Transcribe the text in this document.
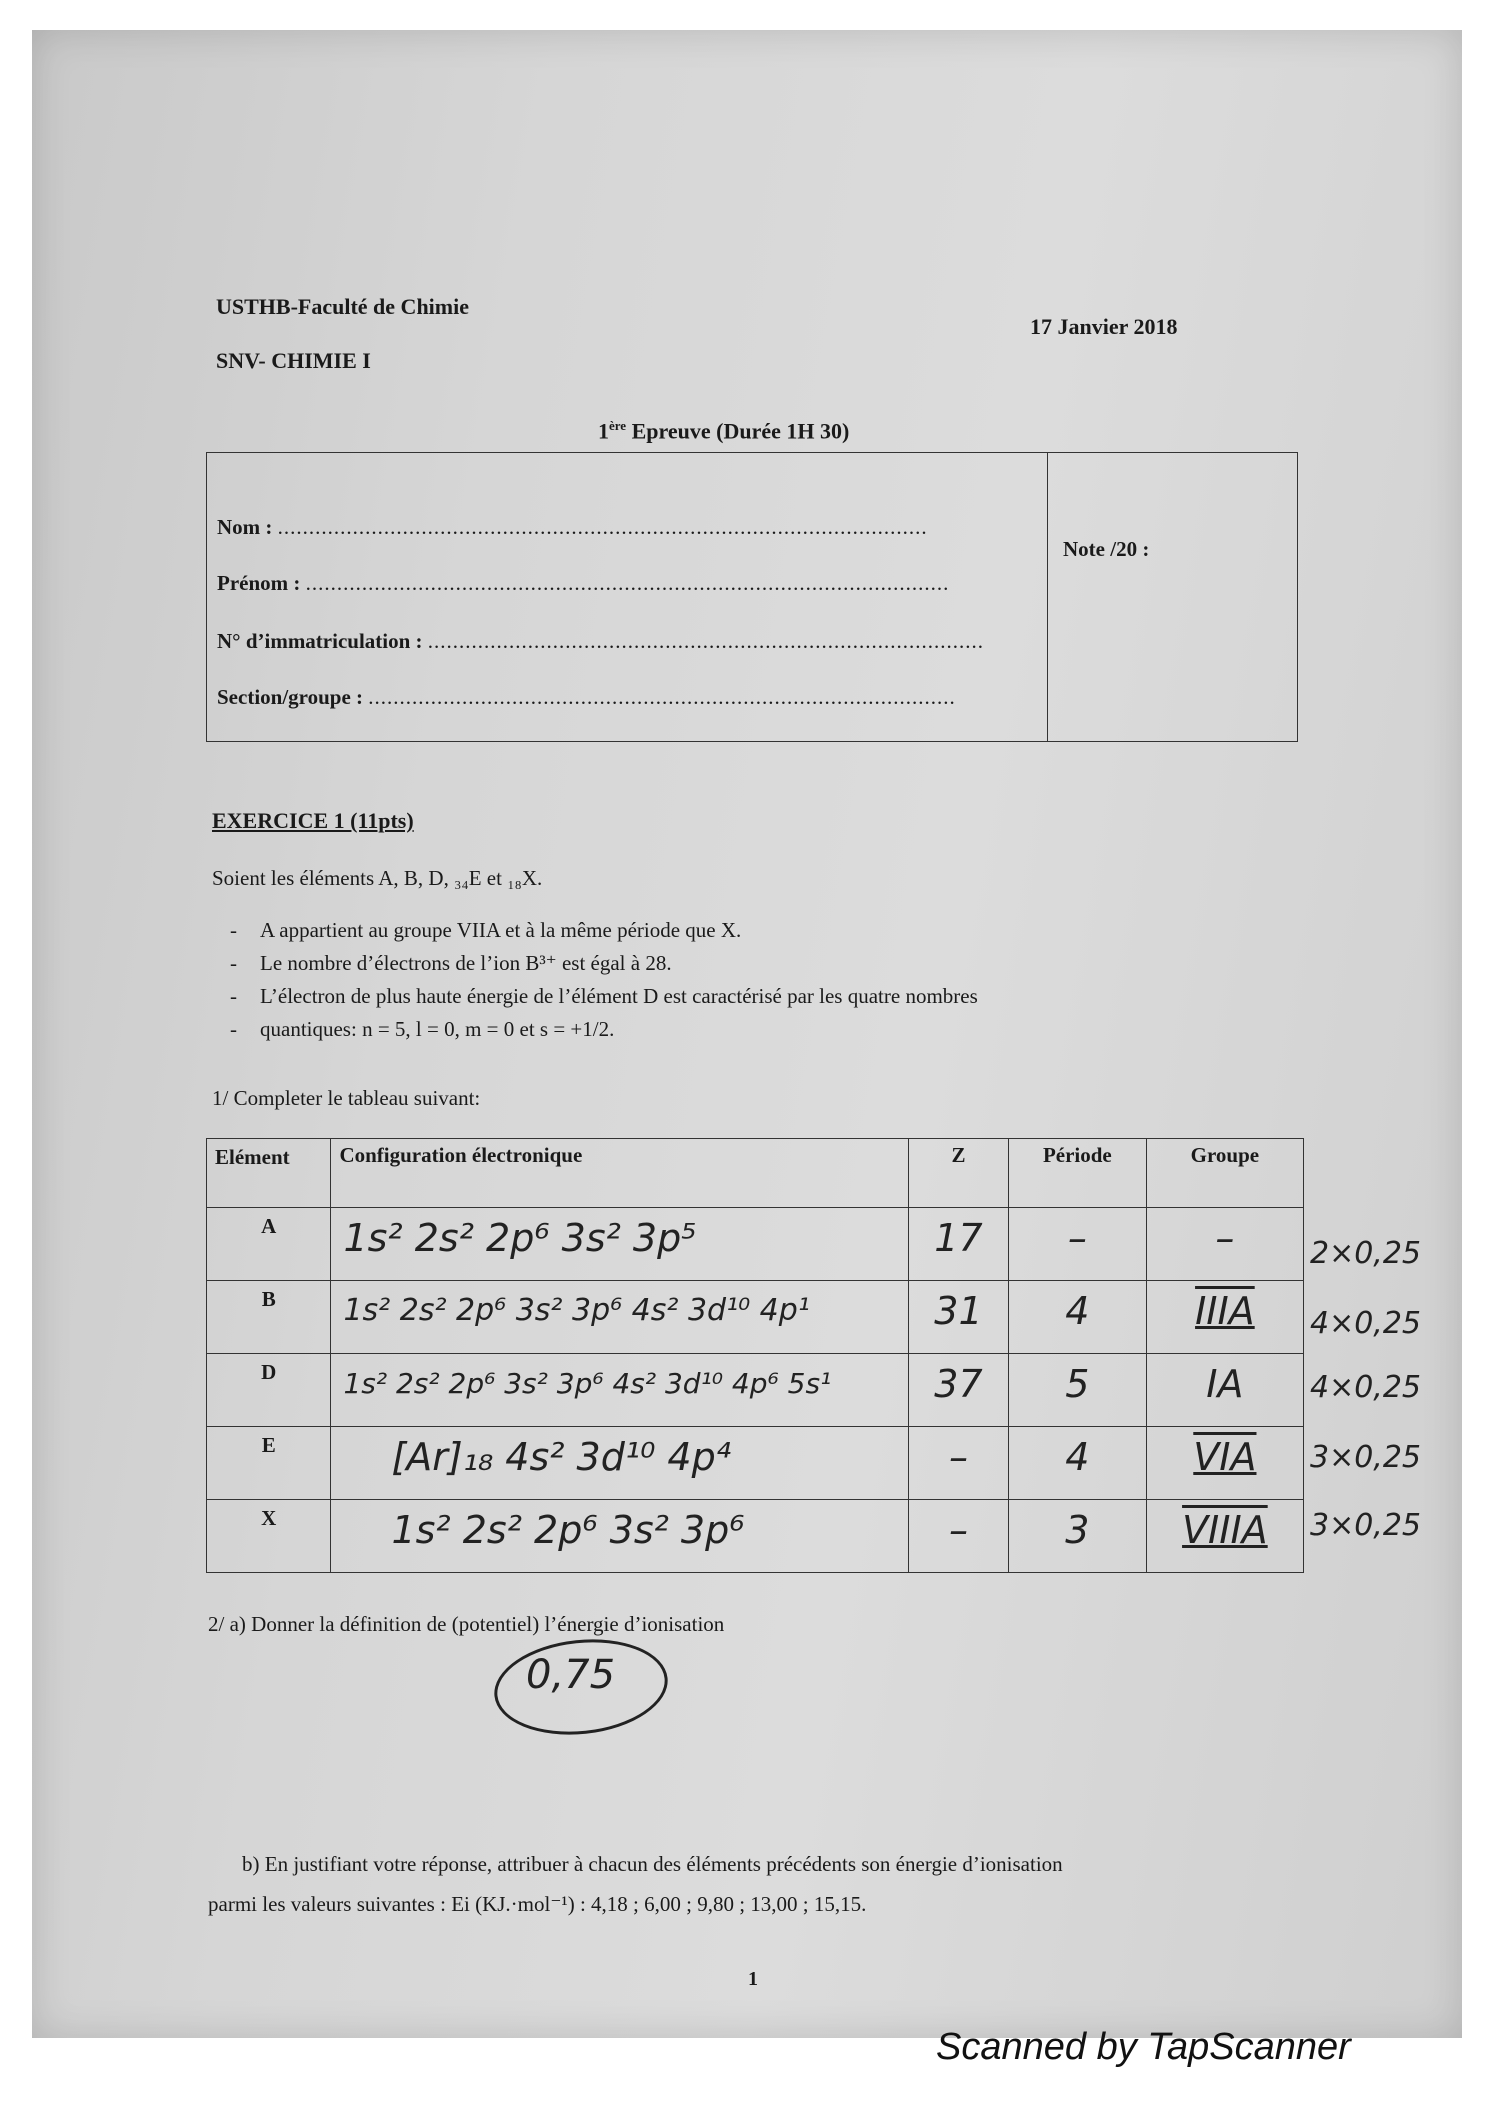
USTHB-Faculté de Chimie
SNV- CHIMIE I
17 Janvier 2018
1ère Epreuve (Durée 1H 30)
Nom : ........................................................................................................
Prénom : .......................................................................................................
N° d’immatriculation : .........................................................................................
Section/groupe : ..............................................................................................
Note /20 :
EXERCICE 1 (11pts)
Soient les éléments A, B, D, ₃₄E et ₁₈X.
- A appartient au groupe VIIA et à la même période que X.
- Le nombre d’électrons de l’ion B³⁺ est égal à 28.
- L’électron de plus haute énergie de l’élément D est caractérisé par les quatre nombres
- quantiques: n = 5, l = 0, m = 0 et s = +1/2.
1/ Completer le tableau suivant:
Elément	Configuration électronique	Z	Période	Groupe
A	1s² 2s² 2p⁶ 3s² 3p⁵	17	–	–

B	1s² 2s² 2p⁶ 3s² 3p⁶ 4s² 3d¹⁰ 4p¹	31	4	IIIA

D	1s² 2s² 2p⁶ 3s² 3p⁶ 4s² 3d¹⁰ 4p⁶ 5s¹	37	5	IA

E	[Ar]₁₈ 4s² 3d¹⁰ 4p⁴	–	4	VIA

X	1s² 2s² 2p⁶ 3s² 3p⁶	–	3	VIIIA
2×0,25
4×0,25
4×0,25
3×0,25
3×0,25
2/ a) Donner la définition de (potentiel) l’énergie d’ionisation
0,75
b) En justifiant votre réponse, attribuer à chacun des éléments précédents son énergie d’ionisation
parmi les valeurs suivantes : Ei (KJ.·mol⁻¹) : 4,18 ; 6,00 ; 9,80 ; 13,00 ; 15,15.
1
Scanned by TapScanner
